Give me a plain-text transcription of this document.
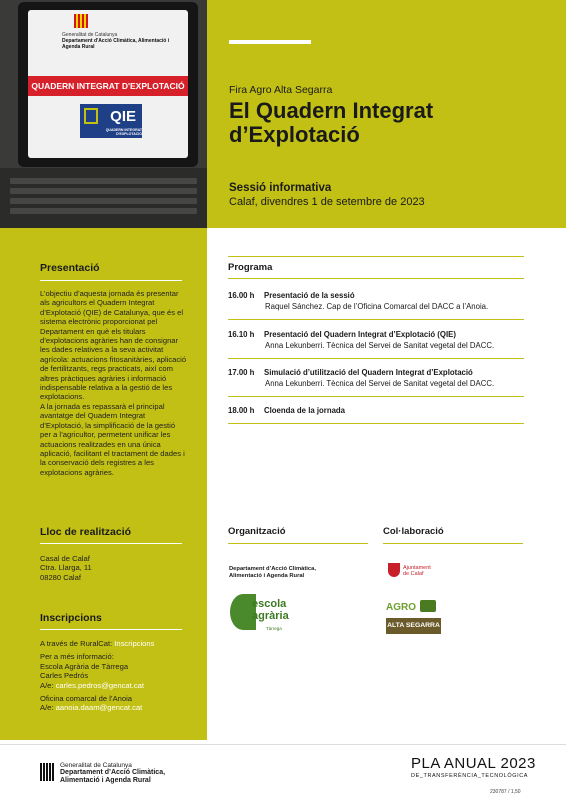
Generalitat de Catalunya
Departament d'Acció Climàtica, Alimentació i Agenda Rural
QUADERN INTEGRAT D'EXPLOTACIÓ
QIE
QUADERN INTEGRAT D'EXPLOTACIÓ
Fira Agro Alta Segarra
El Quadern Integrat d’Explotació
Sessió informativa
Calaf, divendres 1 de setembre de 2023
Presentació

L’objectiu d’aquesta jornada és presentar als agricultors el Quadern Integrat d’Explotació (QIE) de Catalunya, que és el sistema electrònic proporcionat pel Departament en què els titulars d’explotacions agràries han de consignar les dades relatives a la seva activitat agrícola: actuacions fitosanitàries, aplicació de fertilitzants, regs practicats, així com altres pràctiques agràries i informació indispensable relativa a la gestió de les explotacions.

A la jornada es repassarà el principal avantatge del Quadern Integrat d’Explotació, la simplificació de la gestió per a l’agricultor, permetent unificar les actuacions realitzades en una única aplicació, facilitant el tractament de dades i la conservació dels registres a les explotacions agràries.

Lloc de realització
Casal de Calaf
Ctra. Llarga, 11
08280 Calaf
Inscripcions
A través de RuralCat: Inscripcions
Per a més informació:
Escola Agrària de Tàrrega
Carles Pedrós
A/e: carles.pedros@gencat.cat
Oficina comarcal de l’Anoia
A/e: aanoia.daam@gencat.cat
Programa
16.00 h Presentació de la sessió
Raquel Sánchez. Cap de l’Oficina Comarcal del DACC a l’Anoia.
16.10 h Presentació del Quadern Integrat d’Explotació (QIE)
Anna Lekunberri. Tècnica del Servei de Sanitat vegetal del DACC.
17.00 h Simulació d’utilització del Quadern Integrat d’Explotació
Anna Lekunberri. Tècnica del Servei de Sanitat vegetal del DACC.
18.00 h Cloenda de la jornada
Organització	Col·laboració
Departament d’Acció Climàtica, Alimentació i Agenda Rural
escola
agrària
Tàrrega
Ajuntament
de Calaf
AGRO
ALTA SEGARRA
Generalitat de Catalunya
Departament d’Acció Climàtica, Alimentació i Agenda Rural
PLA ANUAL 2023
DE_TRANSFERÈNCIA_TECNOLÒGICA
230787 / 1,50
